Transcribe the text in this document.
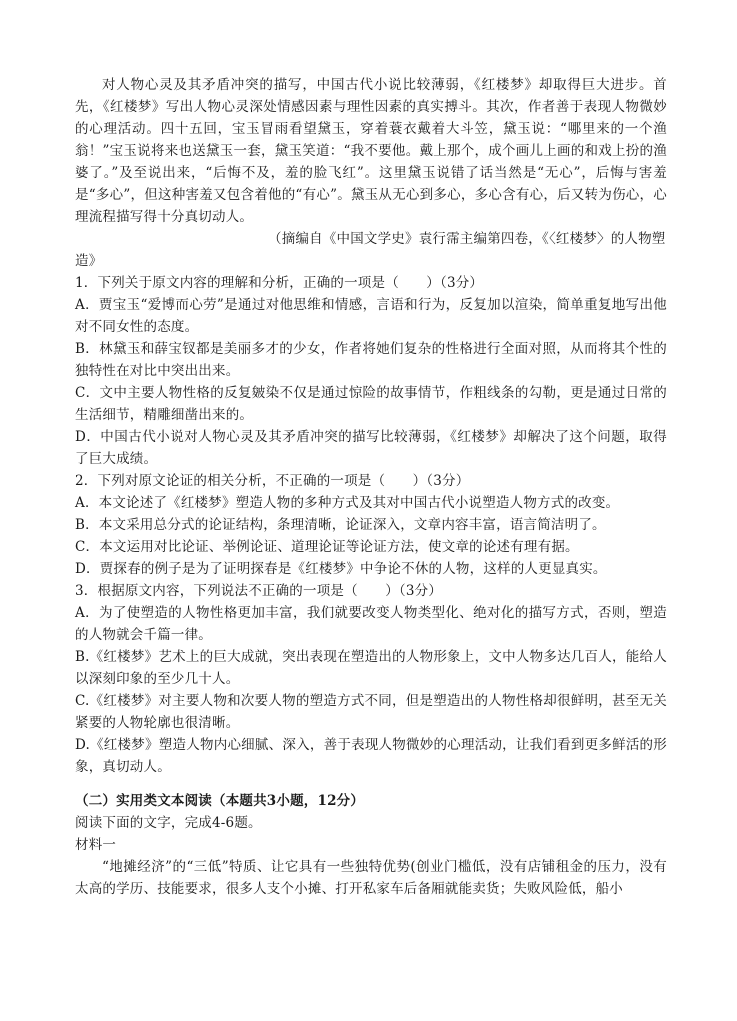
对人物心灵及其矛盾冲突的描写，中国古代小说比较薄弱，《红楼梦》却取得巨大进步。首先，《红楼梦》写出人物心灵深处情感因素与理性因素的真实搏斗。其次，作者善于表现人物微妙的心理活动。四十五回，宝玉冒雨看望黛玉，穿着蓑衣戴着大斗笠，黛玉说：“哪里来的一个渔翁！”宝玉说将来也送黛玉一套，黛玉笑道：“我不要他。戴上那个，成个画儿上画的和戏上扮的渔婆了。”及至说出来，“后悔不及，羞的脸飞红”。这里黛玉说错了话当然是“无心”，后悔与害羞是“多心”，但这种害羞又包含着他的“有心”。黛玉从无心到多心，多心含有心，后又转为伤心，心理流程描写得十分真切动人。

（摘编自《中国文学史》袁行霈主编第四卷，《〈红楼梦〉的人物塑

造》

1．下列关于原文内容的理解和分析，正确的一项是（　　）（3分）

A．贾宝玉“爱博而心劳”是通过对他思维和情感，言语和行为，反复加以渲染，简单重复地写出他对不同女性的态度。

B．林黛玉和薛宝钗都是美丽多才的少女，作者将她们复杂的性格进行全面对照，从而将其个性的独特性在对比中突出出来。

C．文中主要人物性格的反复皴染不仅是通过惊险的故事情节，作粗线条的勾勒，更是通过日常的生活细节，精雕细凿出来的。

D．中国古代小说对人物心灵及其矛盾冲突的描写比较薄弱，《红楼梦》却解决了这个问题，取得了巨大成绩。

2．下列对原文论证的相关分析，不正确的一项是（　　）（3分）

A．本文论述了《红楼梦》塑造人物的多种方式及其对中国古代小说塑造人物方式的改变。

B．本文采用总分式的论证结构，条理清晰，论证深入，文章内容丰富，语言简洁明了。

C．本文运用对比论证、举例论证、道理论证等论证方法，使文章的论述有理有据。

D．贾探春的例子是为了证明探春是《红楼梦》中争论不休的人物，这样的人更显真实。

3．根据原文内容，下列说法不正确的一项是（　　）（3分）

A．为了使塑造的人物性格更加丰富，我们就要改变人物类型化、绝对化的描写方式，否则，塑造的人物就会千篇一律。

B.《红楼梦》艺术上的巨大成就，突出表现在塑造出的人物形象上，文中人物多达几百人，能给人以深刻印象的至少几十人。

C.《红楼梦》对主要人物和次要人物的塑造方式不同，但是塑造出的人物性格却很鲜明，甚至无关紧要的人物轮廓也很清晰。

D.《红楼梦》塑造人物内心细腻、深入，善于表现人物微妙的心理活动，让我们看到更多鲜活的形象，真切动人。

（二）实用类文本阅读（本题共3小题，12分）

阅读下面的文字，完成4-6题。

材料一

“地摊经济”的“三低”特质、让它具有一些独特优势(创业门槛低，没有店铺租金的压力，没有太高的学历、技能要求，很多人支个小摊、打开私家车后备厢就能卖货；失败风险低，船小
